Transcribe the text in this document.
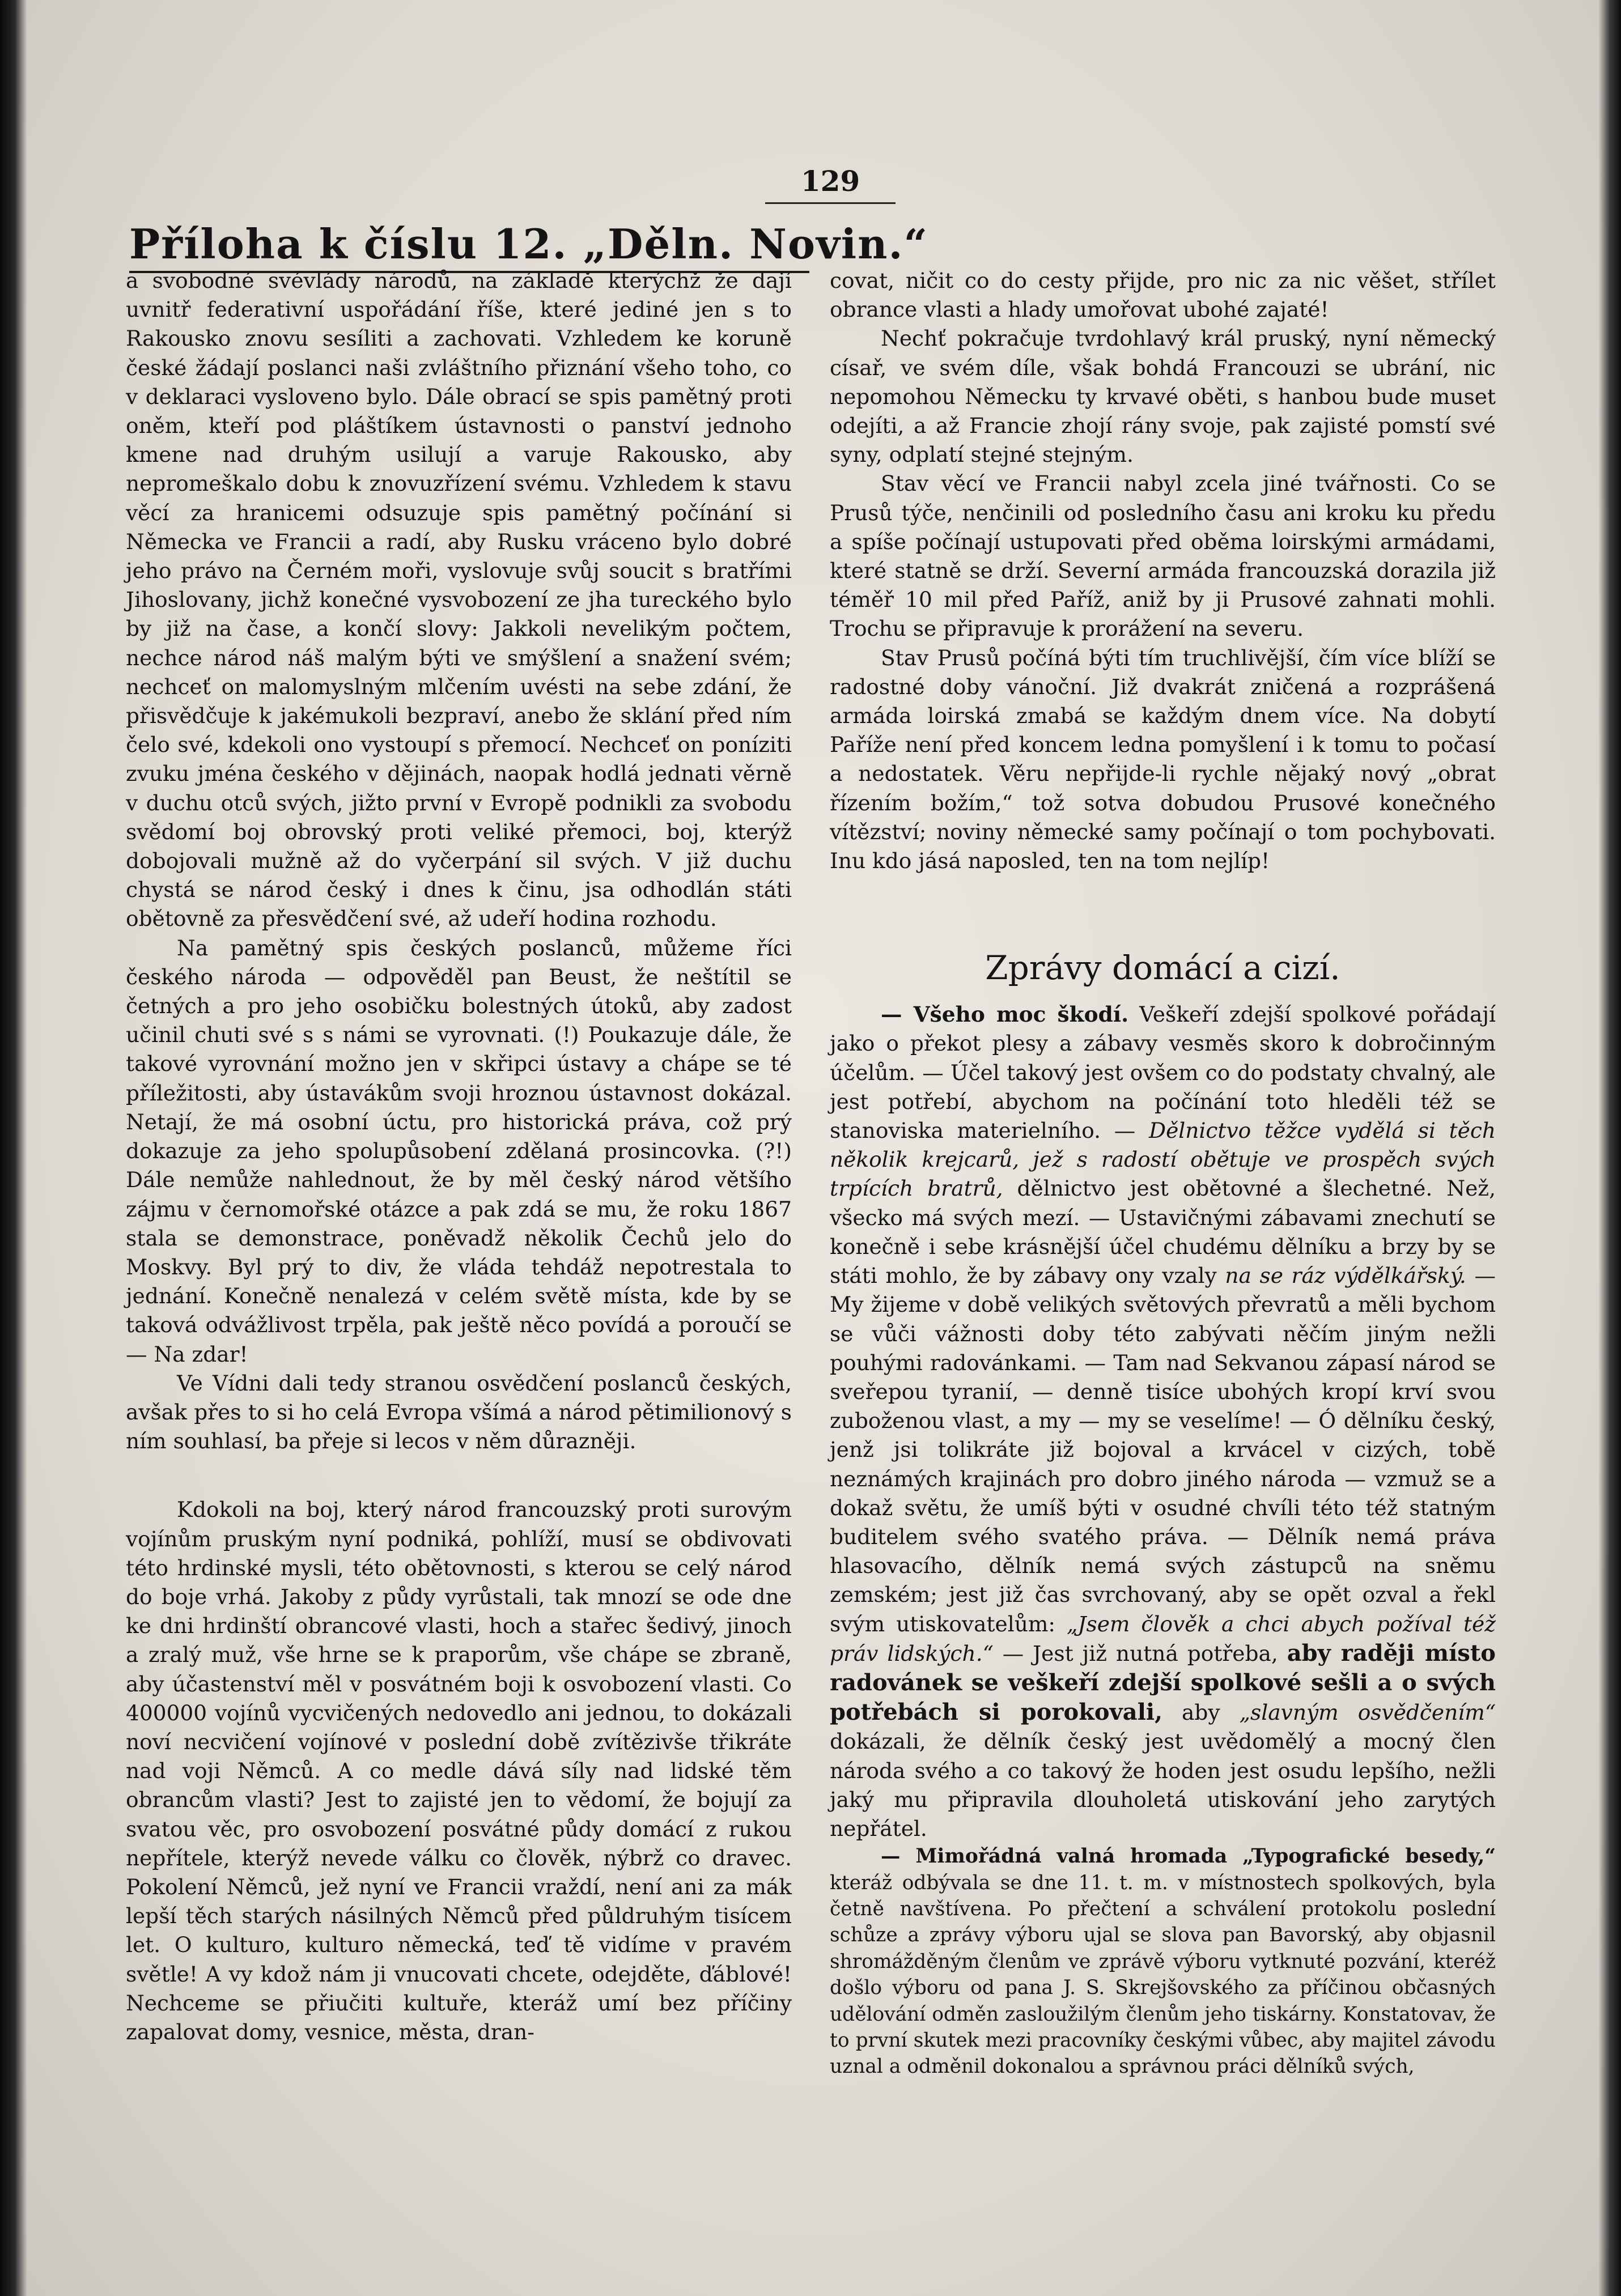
129
Příloha k číslu 12. „Děln. Novin.“

a svobodné svévlády národů, na základě kterýchž že dají uvnitř federativní uspořádání říše, které jediné jen s to Rakousko znovu sesíliti a zachovati. Vzhledem ke koruně české žádají poslanci naši zvláštního přiznání všeho toho, co v deklaraci vysloveno bylo. Dále obrací se spis pamětný proti oněm, kteří pod pláštíkem ústavnosti o panství jednoho kmene nad druhým usilují a varuje Rakousko, aby nepromeškalo dobu k znovuzřízení svému. Vzhledem k stavu věcí za hranicemi odsuzuje spis pamětný počínání si Německa ve Francii a radí, aby Rusku vráceno bylo dobré jeho právo na Černém moři, vyslovuje svůj soucit s bratřími Jihoslovany, jichž konečné vysvobození ze jha tureckého bylo by již na čase, a končí slovy: Jakkoli nevelikým počtem, nechce národ náš malým býti ve smýšlení a snažení svém; nechceť on malomyslným mlčením uvésti na sebe zdání, že přisvědčuje k jakémukoli bezpraví, anebo že sklání před ním čelo své, kdekoli ono vystoupí s přemocí. Nechceť on poníziti zvuku jména českého v dějinách, naopak hodlá jednati věrně v duchu otců svých, jižto první v Evropě podnikli za svobodu svědomí boj obrovský proti veliké přemoci, boj, kterýž dobojovali mužně až do vyčerpání sil svých. V již duchu chystá se národ český i dnes k činu, jsa odhodlán státi obětovně za přesvědčení své, až udeří hodina rozhodu.

Na pamětný spis českých poslanců, můžeme říci českého národa — odpověděl pan Beust, že neštítil se četných a pro jeho osobičku bolestných útoků, aby zadost učinil chuti své s s námi se vyrovnati. (!) Poukazuje dále, že takové vyrovnání možno jen v skřipci ústavy a chápe se té příležitosti, aby ústavákům svoji hroznou ústavnost dokázal. Netají, že má osobní úctu, pro historická práva, což prý dokazuje za jeho spolupůsobení zdělaná prosincovka. (?!) Dále nemůže nahlednout, že by měl český národ většího zájmu v černomořské otázce a pak zdá se mu, že roku 1867 stala se demonstrace, poněvadž několik Čechů jelo do Moskvy. Byl prý to div, že vláda tehdáž nepotrestala to jednání. Konečně nenalezá v celém světě místa, kde by se taková odvážlivost trpěla, pak ještě něco povídá a poroučí se — Na zdar!

Ve Vídni dali tedy stranou osvědčení poslanců českých, avšak přes to si ho celá Evropa všímá a národ pětimilionový s ním souhlasí, ba přeje si lecos v něm důrazněji.

Kdokoli na boj, který národ francouzský proti surovým vojínům pruským nyní podniká, pohlíží, musí se obdivovati této hrdinské mysli, této obětovnosti, s kterou se celý národ do boje vrhá. Jakoby z půdy vyrůstali, tak mnozí se ode dne ke dni hrdinští obrancové vlasti, hoch a stařec šedivý, jinoch a zralý muž, vše hrne se k praporům, vše chápe se zbraně, aby účastenství měl v posvátném boji k osvobození vlasti. Co 400000 vojínů vycvičených nedovedlo ani jednou, to dokázali noví necvičení vojínové v poslední době zvítězivše třikráte nad voji Němců. A co medle dává síly nad lidské těm obrancům vlasti? Jest to zajisté jen to vědomí, že bojují za svatou věc, pro osvobození posvátné půdy domácí z rukou nepřítele, kterýž nevede válku co člověk, nýbrž co dravec. Pokolení Němců, jež nyní ve Francii vraždí, není ani za mák lepší těch starých násilných Němců před půldruhým tisícem let. O kulturo, kulturo německá, teď tě vidíme v pravém světle! A vy kdož nám ji vnucovati chcete, odejděte, ďáblové! Nechceme se přiučiti kultuře, kteráž umí bez příčiny zapalovat domy, vesnice, města, dran-

covat, ničit co do cesty přijde, pro nic za nic věšet, střílet obrance vlasti a hlady umořovat ubohé zajaté!

Nechť pokračuje tvrdohlavý král pruský, nyní německý císař, ve svém díle, však bohdá Francouzi se ubrání, nic nepomohou Německu ty krvavé oběti, s hanbou bude muset odejíti, a až Francie zhojí rány svoje, pak zajisté pomstí své syny, odplatí stejné stejným.

Stav věcí ve Francii nabyl zcela jiné tvářnosti. Co se Prusů týče, nenčinili od posledního času ani kroku ku předu a spíše počínají ustupovati před oběma loirskými armádami, které statně se drží. Severní armáda francouzská dorazila již téměř 10 mil před Paříž, aniž by ji Prusové zahnati mohli. Trochu se připravuje k prorážení na severu.

Stav Prusů počíná býti tím truchlivější, čím více blíží se radostné doby vánoční. Již dvakrát zničená a rozprášená armáda loirská zmabá se každým dnem více. Na dobytí Paříže není před koncem ledna pomyšlení i k tomu to počasí a nedostatek. Věru nepřijde-li rychle nějaký nový „obrat řízením božím,“ tož sotva dobudou Prusové konečného vítězství; noviny německé samy počínají o tom pochybovati. Inu kdo jásá naposled, ten na tom nejlíp!

Zprávy domácí a cizí.

— Všeho moc škodí. Veškeří zdejší spolkové pořádají jako o překot plesy a zábavy vesměs skoro k dobročinným účelům. — Účel takový jest ovšem co do podstaty chvalný, ale jest potřebí, abychom na počínání toto hleděli též se stanoviska materielního. — Dělnictvo těžce vydělá si těch několik krejcarů, jež s radostí obětuje ve prospěch svých trpících bratrů, dělnictvo jest obětovné a šlechetné. Než, všecko má svých mezí. — Ustavičnými zábavami znechutí se konečně i sebe krásnější účel chudému dělníku a brzy by se státi mohlo, že by zábavy ony vzaly na se ráz výdělkářský. — My žijeme v době velikých světových převratů a měli bychom se vůči vážnosti doby této zabývati něčím jiným nežli pouhými radovánkami. — Tam nad Sekvanou zápasí národ se sveřepou tyranií, — denně tisíce ubohých kropí krví svou zuboženou vlast, a my — my se veselíme! — Ó dělníku český, jenž jsi tolikráte již bojoval a krvácel v cizých, tobě neznámých krajinách pro dobro jiného národa — vzmuž se a dokaž světu, že umíš býti v osudné chvíli této též statným buditelem svého svatého práva. — Dělník nemá práva hlasovacího, dělník nemá svých zástupců na sněmu zemském; jest již čas svrchovaný, aby se opět ozval a řekl svým utiskovatelům: „Jsem člověk a chci abych požíval též práv lidských.“ — Jest již nutná potřeba, aby raději místo radovánek se veškeří zdejší spolkové sešli a o svých potřebách si porokovali, aby „slavným osvědčením“ dokázali, že dělník český jest uvědomělý a mocný člen národa svého a co takový že hoden jest osudu lepšího, nežli jaký mu připravila dlouholetá utiskování jeho zarytých nepřátel.

— Mimořádná valná hromada „Typografické besedy,“ kteráž odbývala se dne 11. t. m. v místnostech spolkových, byla četně navštívena. Po přečtení a schválení protokolu poslední schůze a zprávy výboru ujal se slova pan Bavorský, aby objasnil shromážděným členům ve zprávě výboru vytknuté pozvání, kteréž došlo výboru od pana J. S. Skrejšovského za příčinou občasných udělování odměn zasloužilým členům jeho tiskárny. Konstatovav, že to první skutek mezi pracovníky českými vůbec, aby majitel závodu uznal a odměnil dokonalou a správnou práci dělníků svých,
